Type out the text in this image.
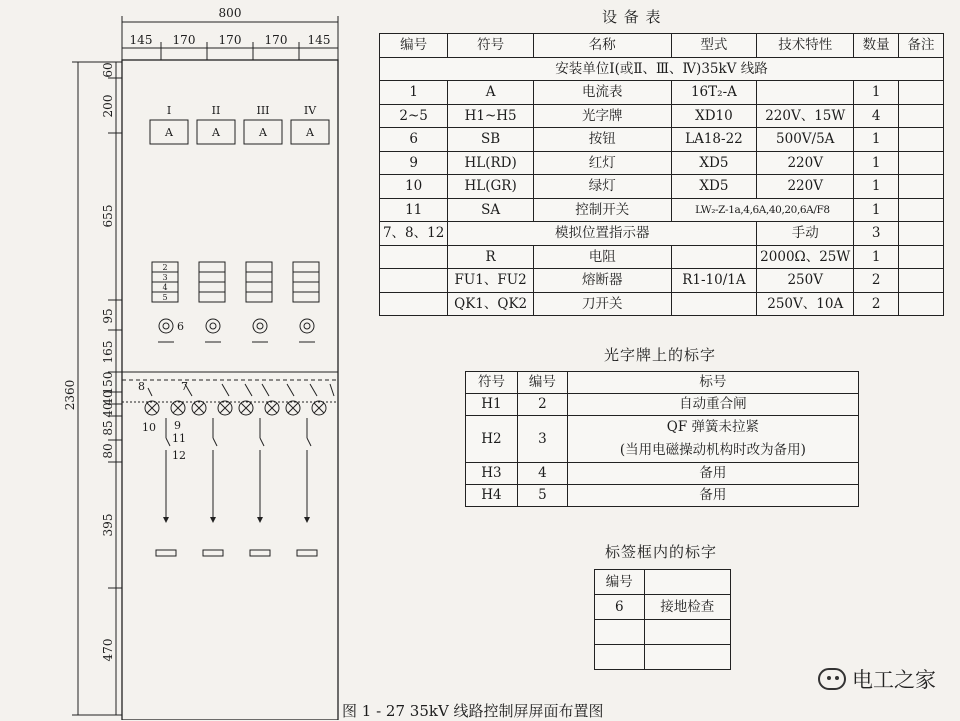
800
145 170 170 170 145
2360
60
200
655
95
165
150
40
40
85
80
395
470
I	II	III	IV
A	A	A	A
2
3
4
5
6
7
8
9
10
11
12
图 1 - 27 35kV 线路控制屏屏面布置图
设 备 表
编号	符号	名称	型式	技术特性	数量	备注
安装单位Ⅰ(或Ⅱ、Ⅲ、Ⅳ)35kV 线路						
1	A	电流表	16T₂-A		1	
2~5	H1~H5	光字牌	XD10	220V、15W	4	
6	SB	按钮	LA18-22	500V/5A	1	
9	HL(RD)	红灯	XD5	220V	1	
10	HL(GR)	绿灯	XD5	220V	1	
11	SA	控制开关	LW₂-Z-1a,4,6A,40,20,6A/F8		1	
7、8、12	模拟位置指示器			手动	3	
	R	电阻		2000Ω、25W	1	
	FU1、FU2	熔断器	R1-10/1A	250V	2	
	QK1、QK2	刀开关		250V、10A	2	
光字牌上的标字
符号	编号	标号
H1	2	自动重合闸
H2	3	QF 弹簧未拉紧
(当用电磁操动机构时改为备用)
H3	4	备用
H4	5	备用
标签框内的标字
编号	
6	接地检查

电工之家
